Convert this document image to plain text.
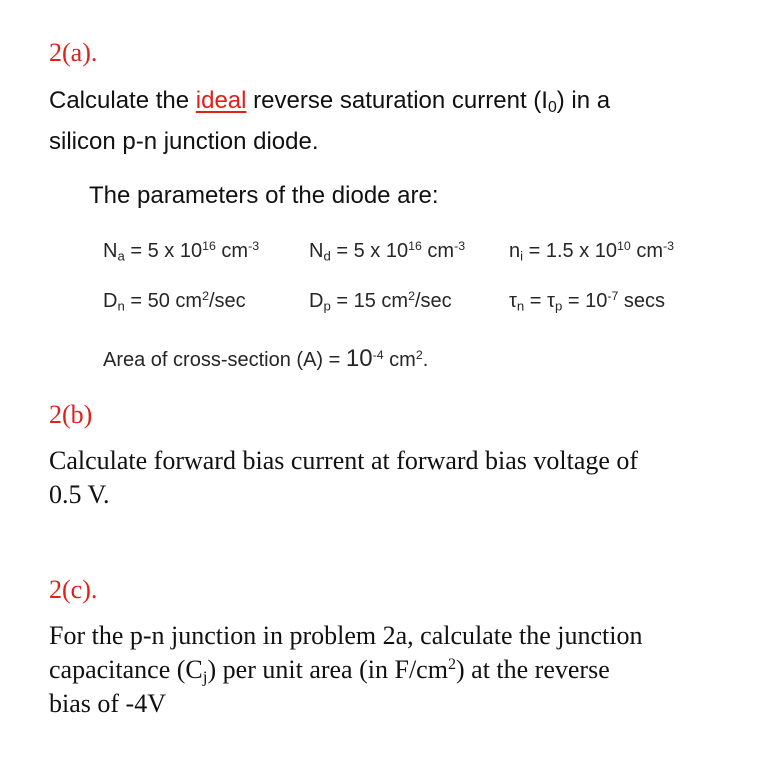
2(a).
Calculate the ideal reverse saturation current $(I_0)$ in a
silicon p-n junction diode.
The parameters of the diode are:
$N_a = 5$ x $10^{16}$ $cm^{-3}$ $N_d = 5$ x $10^{16}$ $cm^{-3}$ $n_i = 1.5$ x $10^{10}$ $cm^{-3}$
$D_n = 50$ $cm^2/\sec$	$D_p = 15$ $cm^2/\sec$	$\tau_n = \tau_p = 10^{-7}$ secs
Area of cross-section $(A) = 10^{-4}$ $cm^2$.
2(b)
Calculate forward bias current at forward bias voltage of
0.5 V.
2(c).
For the p-n junction in problem 2a, calculate the junction
capacitance $(C_j)$ per unit area (in $F/cm^2$) at the reverse
bias of -4V
